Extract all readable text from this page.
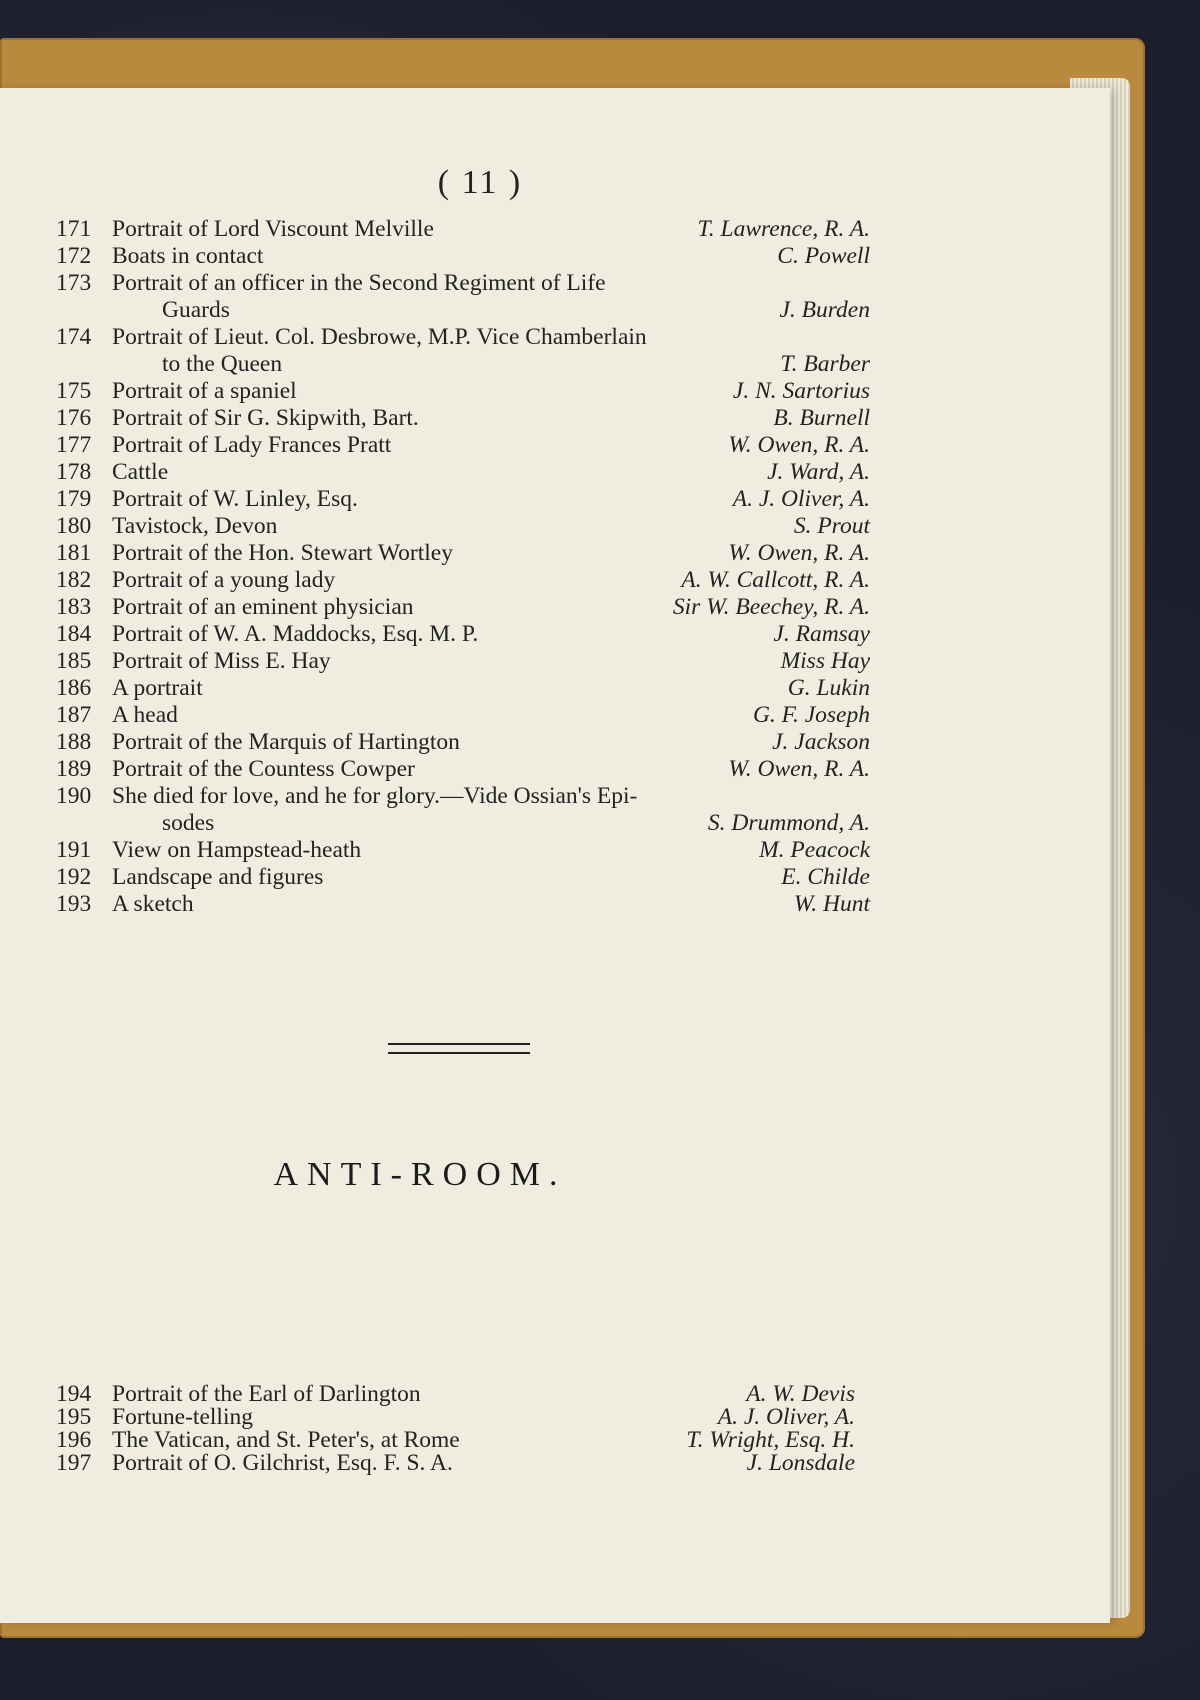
( 11 )
171 Portrait of Lord Viscount Melville	T. Lawrence, R. A.
172 Boats in contact	C. Powell
173 Portrait of an officer in the Second Regiment of Life
Guards	J. Burden
174 Portrait of Lieut. Col. Desbrowe, M.P. Vice Chamberlain
to the Queen	T. Barber
175 Portrait of a spaniel	J. N. Sartorius
176 Portrait of Sir G. Skipwith, Bart.	B. Burnell
177 Portrait of Lady Frances Pratt	W. Owen, R. A.
178 Cattle	J. Ward, A.
179 Portrait of W. Linley, Esq.	A. J. Oliver, A.
180 Tavistock, Devon	S. Prout
181 Portrait of the Hon. Stewart Wortley	W. Owen, R. A.
182 Portrait of a young lady	A. W. Callcott, R. A.
183 Portrait of an eminent physician	Sir W. Beechey, R. A.
184 Portrait of W. A. Maddocks, Esq. M. P.	J. Ramsay
185 Portrait of Miss E. Hay	Miss Hay
186 A portrait	G. Lukin
187 A head	G. F. Joseph
188 Portrait of the Marquis of Hartington	J. Jackson
189 Portrait of the Countess Cowper	W. Owen, R. A.
190 She died for love, and he for glory.—Vide Ossian's Epi-
sodes	S. Drummond, A.
191 View on Hampstead-heath	M. Peacock
192 Landscape and figures	E. Childe
193 A sketch	W. Hunt
ANTI-ROOM.
194 Portrait of the Earl of Darlington	A. W. Devis
195 Fortune-telling	A. J. Oliver, A.
196 The Vatican, and St. Peter's, at Rome	T. Wright, Esq. H.
197 Portrait of O. Gilchrist, Esq. F. S. A.	J. Lonsdale
